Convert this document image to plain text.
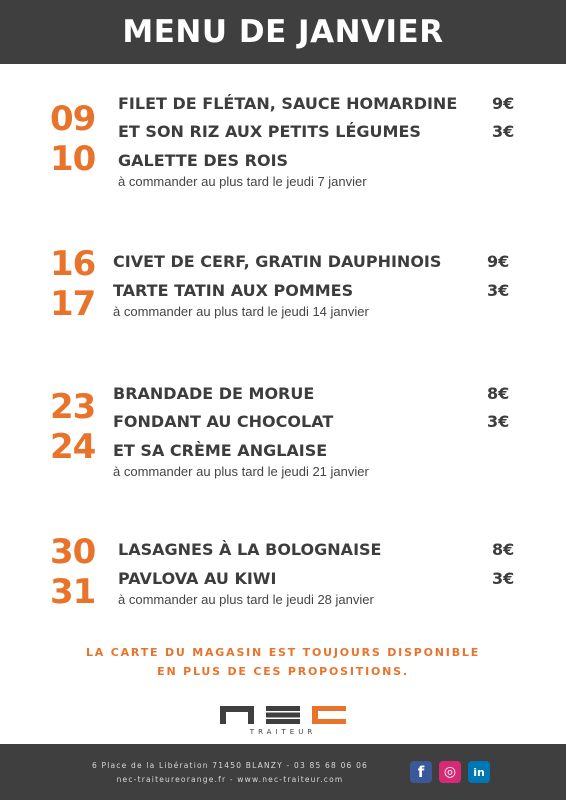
MENU DE JANVIER
09
10
FILET DE FLÉTAN, SAUCE HOMARDINE 9€
ET SON RIZ AUX PETITS LÉGUMES	3€
GALETTE DES ROIS
à commander au plus tard le jeudi 7 janvier
16
17
CIVET DE CERF, GRATIN DAUPHINOIS	9€
TARTE TATIN AUX POMMES	3€
à commander au plus tard le jeudi 14 janvier
23
24
BRANDADE DE MORUE	8€
FONDANT AU CHOCOLAT	3€
ET SA CRÈME ANGLAISE
à commander au plus tard le jeudi 21 janvier
30
31
LASAGNES À LA BOLOGNAISE	8€
PAVLOVA AU KIWI	3€
à commander au plus tard le jeudi 28 janvier
LA CARTE DU MAGASIN EST TOUJOURS DISPONIBLE
EN PLUS DE CES PROPOSITIONS.
TRAITEUR
6 Place de la Libération 71450 BLANZY - 03 85 68 06 06
nec-traiteureorange.fr - www.nec-traiteur.com	f ◎ in
